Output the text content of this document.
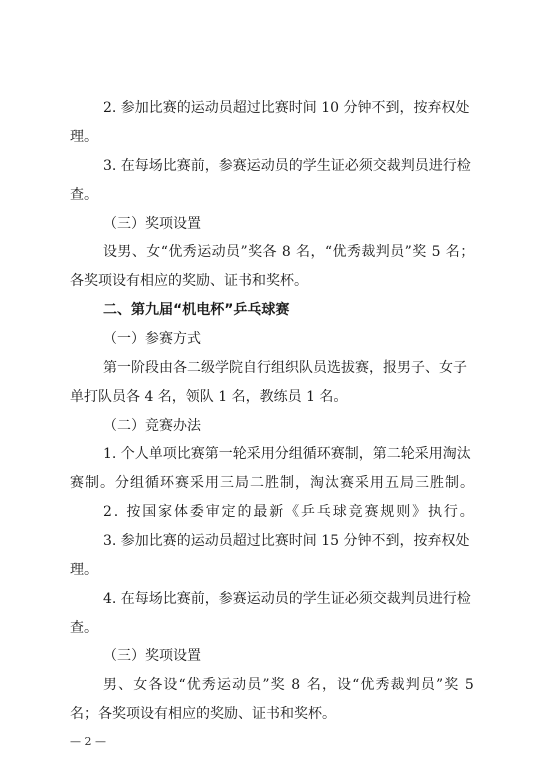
2. 参加比赛的运动员超过比赛时间 10 分钟不到，按弃权处
理。
3. 在每场比赛前，参赛运动员的学生证必须交裁判员进行检
查。
（三）奖项设置
设男、女“优秀运动员”奖各 8 名，“优秀裁判员”奖 5 名；
各奖项设有相应的奖励、证书和奖杯。
二、第九届“机电杯”乒乓球赛
（一）参赛方式
第一阶段由各二级学院自行组织队员选拔赛，报男子、女子
单打队员各 4 名，领队 1 名，教练员 1 名。
（二）竞赛办法
1. 个人单项比赛第一轮采用分组循环赛制，第二轮采用淘汰
赛制。分组循环赛采用三局二胜制，淘汰赛采用五局三胜制。
2. 按国家体委审定的最新《乒乓球竞赛规则》执行。
3. 参加比赛的运动员超过比赛时间 15 分钟不到，按弃权处
理。
4. 在每场比赛前，参赛运动员的学生证必须交裁判员进行检
查。
（三）奖项设置
男、女各设“优秀运动员”奖 8 名，设“优秀裁判员”奖 5
名；各奖项设有相应的奖励、证书和奖杯。
— 2 —
